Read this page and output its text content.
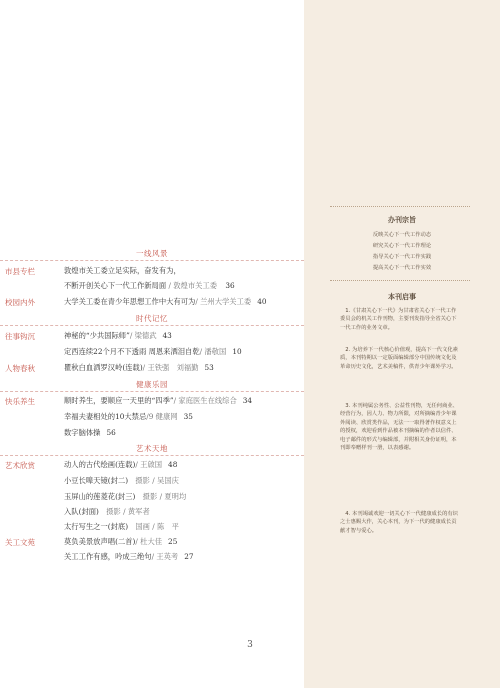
一线风景
市县专栏	敦煌市关工委立足实际，奋发有为，
不断开创关心下一代工作新局面 / 敦煌市关工委 36
校园内外	大学关工委在青少年思想工作中大有可为/ 兰州大学关工委 40
时代记忆
往事钩沉	神秘的“少共国际师”/ 梁德武 43
定西连续22个月不下透雨 周恩来洒泪自乾/ 潘敬国 10
人物春秋	瞿秋白血洒罗汉岭(连载)/ 王铁强　刘福勤 53
健康乐园
快乐养生	顺时养生，要顺应一天里的“四季”/ 家庭医生在线综合 34
幸福夫妻相处的10大禁忌/9 健康网 35
数字脑体操 56
艺术天地
艺术欣赏	动人的古代绘画(连载)/ 王啟国 48
小豆长嗥天镜(封二)　 摄影 / 吴国庆
玉屏山的莲菱花(封三)　 摄影 / 夏明均
入队(封面)　 摄影 / 黄军者
太行写生之一(封底)　 国画 / 陈　平
关工文苑	莫负美景放声唱(二首)/ 杜大佳 25
关工工作有感，吟成三绝句/ 王英考 27
3
办刊宗旨
反映关心下一代工作动态
研究关心下一代工作理论
指导关心下一代工作实践
提高关心下一代工作实效
本刊启事

1.《甘肃关心下一代》为甘肃省关心下一代工作委员会的机关工作刊物，主要刊发指导全省关心下一代工作的业务文章。

2. 为培养下一代核心价值观，提高下一代文化素质，本刊特期以一定版面编辑部分中国传统文化及革命历史文化，艺术美稿件，供青少年课外学习。

3. 本刊纯属公务性、公益性刊物，无任何商业、经营行为，因人力、物力所限，对所摘编青少年课外阅读、欣赏类作品，无法一一取得著作权意义上的授权，欢迎看到作品被本刊摘编的作者以信件、电子邮件的形式与编辑部，并附相关身份证明，本刊即奉赠样刊一册，以表感谢。

4. 本刊竭诚欢迎一切关心下一代健康成长的有识之士惠赐大作，关心本刊，为下一代的健康成长贡献才智与爱心。
